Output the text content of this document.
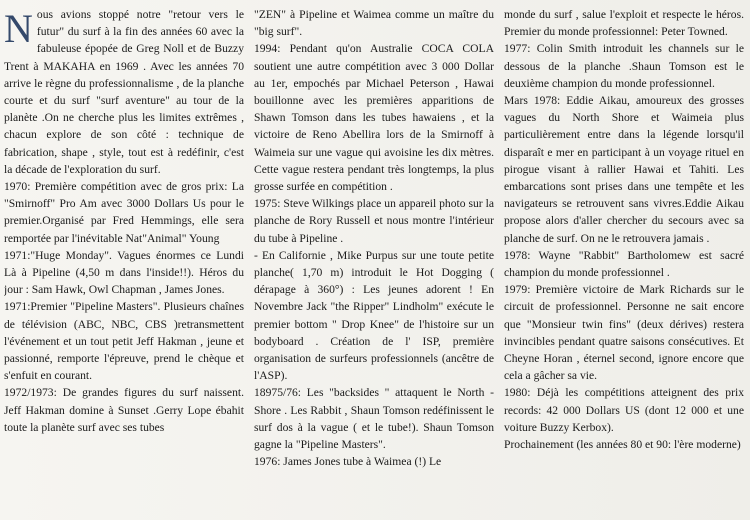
N ous avions stoppé notre "retour vers le futur" du surf à la fin des années 60 avec la fabuleuse épopée de Greg Noll et de Buzzy Trent à MAKAHA en 1969 . Avec les années 70 arrive le règne du professionnalisme , de la planche courte et du surf "surf aventure" au tour de la planète .On ne cherche plus les limites extrêmes , chacun explore de son côté : technique de fabrication, shape , style, tout est à redéfinir, c'est la décade de l'exploration du surf.

1970: Première compétition avec de gros prix: La "Smirnoff" Pro Am avec 3000 Dollars Us pour le premier.Organisé par Fred Hemmings, elle sera remportée par l'inévitable Nat"Animal" Young

1971:"Huge Monday". Vagues énormes ce Lundi Là à Pipeline (4,50 m dans l'inside!!). Héros du jour : Sam Hawk, Owl Chapman , James Jones.

1971:Premier "Pipeline Masters". Plusieurs chaînes de télévision (ABC, NBC, CBS )retransmettent l'événement et un tout petit Jeff Hakman , jeune et passionné, remporte l'épreuve, prend le chèque et s'enfuit en courant.

1972/1973: De grandes figures du surf naissent. Jeff Hakman domine à Sunset .Gerry Lope ébahit toute la planète surf avec ses tubes

"ZEN" à Pipeline et Waimea comme un maître du "big surf".

1994: Pendant qu'on Australie COCA COLA soutient une autre compétition avec 3 000 Dollar au 1er, empochés par Michael Peterson , Hawai bouillonne avec les premières apparitions de Shawn Tomson dans les tubes hawaiens , et la victoire de Reno Abellira lors de la Smirnoff à Waimeia sur une vague qui avoisine les dix mètres. Cette vague restera pendant très longtemps, la plus grosse surfée en compétition .

1975: Steve Wilkings place un appareil photo sur la planche de Rory Russell et nous montre l'intérieur du tube à Pipeline .

- En Californie , Mike Purpus sur une toute petite planche( 1,70 m) introduit le Hot Dogging ( dérapage à 360°) : Les jeunes adorent ! En Novembre Jack "the Ripper" Lindholm" exécute le premier bottom " Drop Knee" de l'histoire sur un bodyboard . Création de l' ISP, première organisation de surfeurs professionnels (ancêtre de l'ASP).

18975/76: Les "backsides " attaquent le North - Shore . Les Rabbit , Shaun Tomson redéfinissent le surf dos à la vague ( et le tube!). Shaun Tomson gagne la "Pipeline Masters".

1976: James Jones tube à Waimea (!) Le

monde du surf , salue l'exploit et respecte le héros. Premier du monde professionnel: Peter Towned.

1977: Colin Smith introduit les channels sur le dessous de la planche .Shaun Tomson est le deuxième champion du monde professionnel.

Mars 1978: Eddie Aikau, amoureux des grosses vagues du North Shore et Waimeia plus particulièrement entre dans la légende lorsqu'il disparaît e mer en participant à un voyage rituel en pirogue visant à rallier Hawai et Tahiti. Les embarcations sont prises dans une tempête et les navigateurs se retrouvent sans vivres.Eddie Aikau propose alors d'aller chercher du secours avec sa planche de surf. On ne le retrouvera jamais .

1978: Wayne "Rabbit" Bartholomew est sacré champion du monde professionnel .

1979: Première victoire de Mark Richards sur le circuit de professionnel. Personne ne sait encore que "Monsieur twin fins" (deux dérives) restera invincibles pendant quatre saisons consécutives. Et Cheyne Horan , éternel second, ignore encore que cela a gâcher sa vie.

1980: Déjà les compétitions atteignent des prix records: 42 000 Dollars US (dont 12 000 et une voiture Buzzy Kerbox).

Prochainement (les années 80 et 90: l'ère moderne)
